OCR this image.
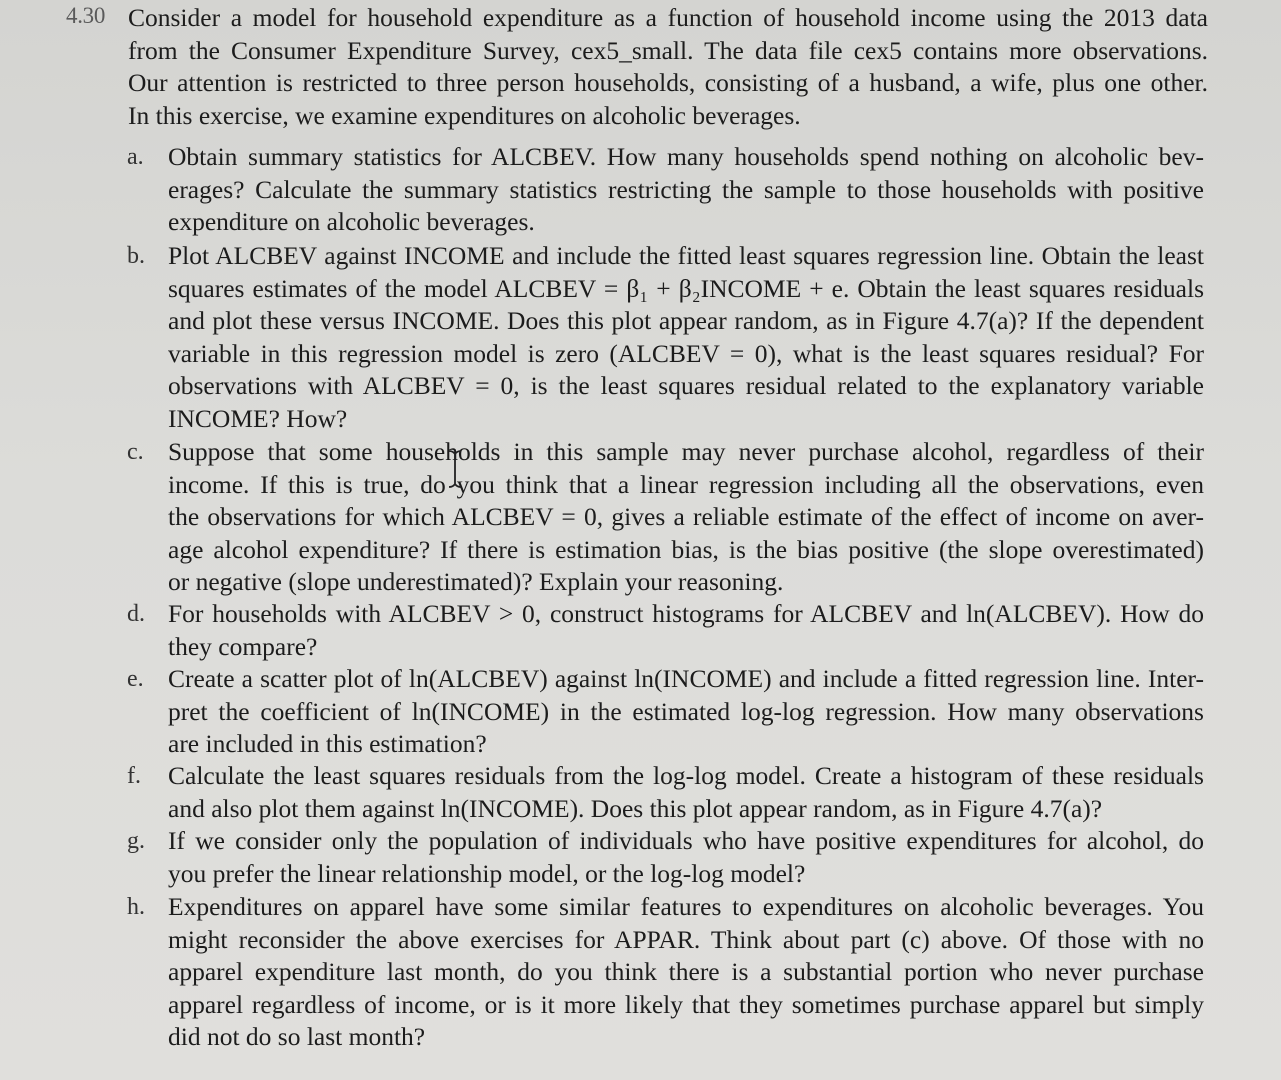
4.30 Consider a model for household expenditure as a function of household income using the 2013 data
from the Consumer Expenditure Survey, cex5_small. The data file cex5 contains more observations.
Our attention is restricted to three person households, consisting of a husband, a wife, plus one other.
In this exercise, we examine expenditures on alcoholic beverages.
a. Obtain summary statistics for ALCBEV. How many households spend nothing on alcoholic bev-
erages? Calculate the summary statistics restricting the sample to those households with positive
expenditure on alcoholic beverages.
b. Plot ALCBEV against INCOME and include the fitted least squares regression line. Obtain the least
squares estimates of the model ALCBEV = β₁ + β₂INCOME + e. Obtain the least squares residuals
and plot these versus INCOME. Does this plot appear random, as in Figure 4.7(a)? If the dependent
variable in this regression model is zero (ALCBEV = 0), what is the least squares residual? For
observations with ALCBEV = 0, is the least squares residual related to the explanatory variable
INCOME? How?
c. Suppose that some households in this sample may never purchase alcohol, regardless of their
income. If this is true, do you think that a linear regression including all the observations, even
the observations for which ALCBEV = 0, gives a reliable estimate of the effect of income on aver-
age alcohol expenditure? If there is estimation bias, is the bias positive (the slope overestimated)
or negative (slope underestimated)? Explain your reasoning.
d. For households with ALCBEV > 0, construct histograms for ALCBEV and ln(ALCBEV). How do
they compare?
e. Create a scatter plot of ln(ALCBEV) against ln(INCOME) and include a fitted regression line. Inter-
pret the coefficient of ln(INCOME) in the estimated log-log regression. How many observations
are included in this estimation?
f. Calculate the least squares residuals from the log-log model. Create a histogram of these residuals
and also plot them against ln(INCOME). Does this plot appear random, as in Figure 4.7(a)?
g. If we consider only the population of individuals who have positive expenditures for alcohol, do
you prefer the linear relationship model, or the log-log model?
h. Expenditures on apparel have some similar features to expenditures on alcoholic beverages. You
might reconsider the above exercises for APPAR. Think about part (c) above. Of those with no
apparel expenditure last month, do you think there is a substantial portion who never purchase
apparel regardless of income, or is it more likely that they sometimes purchase apparel but simply
did not do so last month?
